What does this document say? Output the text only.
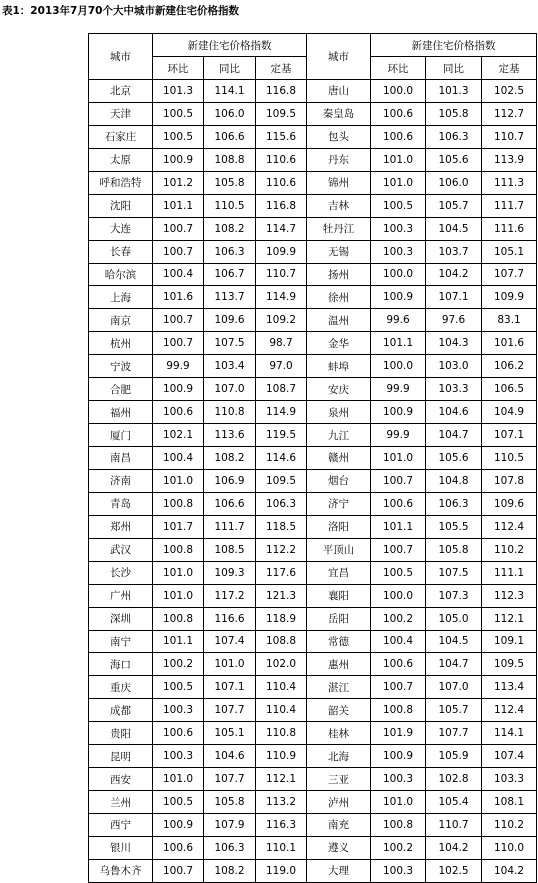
表1：2013年7月70个大中城市新建住宅价格指数
城市	新建住宅价格指数			城市	新建住宅价格指数		
	环比	同比	定基		环比	同比	定基
北京	101.3	114.1	116.8	唐山	100.0	101.3	102.5
天津	100.5	106.0	109.5	秦皇岛	100.6	105.8	112.7
石家庄	100.5	106.6	115.6	包头	100.6	106.3	110.7
太原	100.9	108.8	110.6	丹东	101.0	105.6	113.9
呼和浩特	101.2	105.8	110.6	锦州	101.0	106.0	111.3
沈阳	101.1	110.5	116.8	吉林	100.5	105.7	111.7
大连	100.7	108.2	114.7	牡丹江	100.3	104.5	111.6
长春	100.7	106.3	109.9	无锡	100.3	103.7	105.1
哈尔滨	100.4	106.7	110.7	扬州	100.0	104.2	107.7
上海	101.6	113.7	114.9	徐州	100.9	107.1	109.9
南京	100.7	109.6	109.2	温州	99.6	97.6	83.1
杭州	100.7	107.5	98.7	金华	101.1	104.3	101.6
宁波	99.9	103.4	97.0	蚌埠	100.0	103.0	106.2
合肥	100.9	107.0	108.7	安庆	99.9	103.3	106.5
福州	100.6	110.8	114.9	泉州	100.9	104.6	104.9
厦门	102.1	113.6	119.5	九江	99.9	104.7	107.1
南昌	100.4	108.2	114.6	赣州	101.0	105.6	110.5
济南	101.0	106.9	109.5	烟台	100.7	104.8	107.8
青岛	100.8	106.6	106.3	济宁	100.6	106.3	109.6
郑州	101.7	111.7	118.5	洛阳	101.1	105.5	112.4
武汉	100.8	108.5	112.2	平顶山	100.7	105.8	110.2
长沙	101.0	109.3	117.6	宜昌	100.5	107.5	111.1
广州	101.0	117.2	121.3	襄阳	100.0	107.3	112.3
深圳	100.8	116.6	118.9	岳阳	100.2	105.0	112.1
南宁	101.1	107.4	108.8	常德	100.4	104.5	109.1
海口	100.2	101.0	102.0	惠州	100.6	104.7	109.5
重庆	100.5	107.1	110.4	湛江	100.7	107.0	113.4
成都	100.3	107.7	110.4	韶关	100.8	105.7	112.4
贵阳	100.6	105.1	110.8	桂林	101.9	107.7	114.1
昆明	100.3	104.6	110.9	北海	100.9	105.9	107.4
西安	101.0	107.7	112.1	三亚	100.3	102.8	103.3
兰州	100.5	105.8	113.2	泸州	101.0	105.4	108.1
西宁	100.9	107.9	116.3	南充	100.8	110.7	110.2
银川	100.6	106.3	110.1	遵义	100.2	104.2	110.0
乌鲁木齐	100.7	108.2	119.0	大理	100.3	102.5	104.2
